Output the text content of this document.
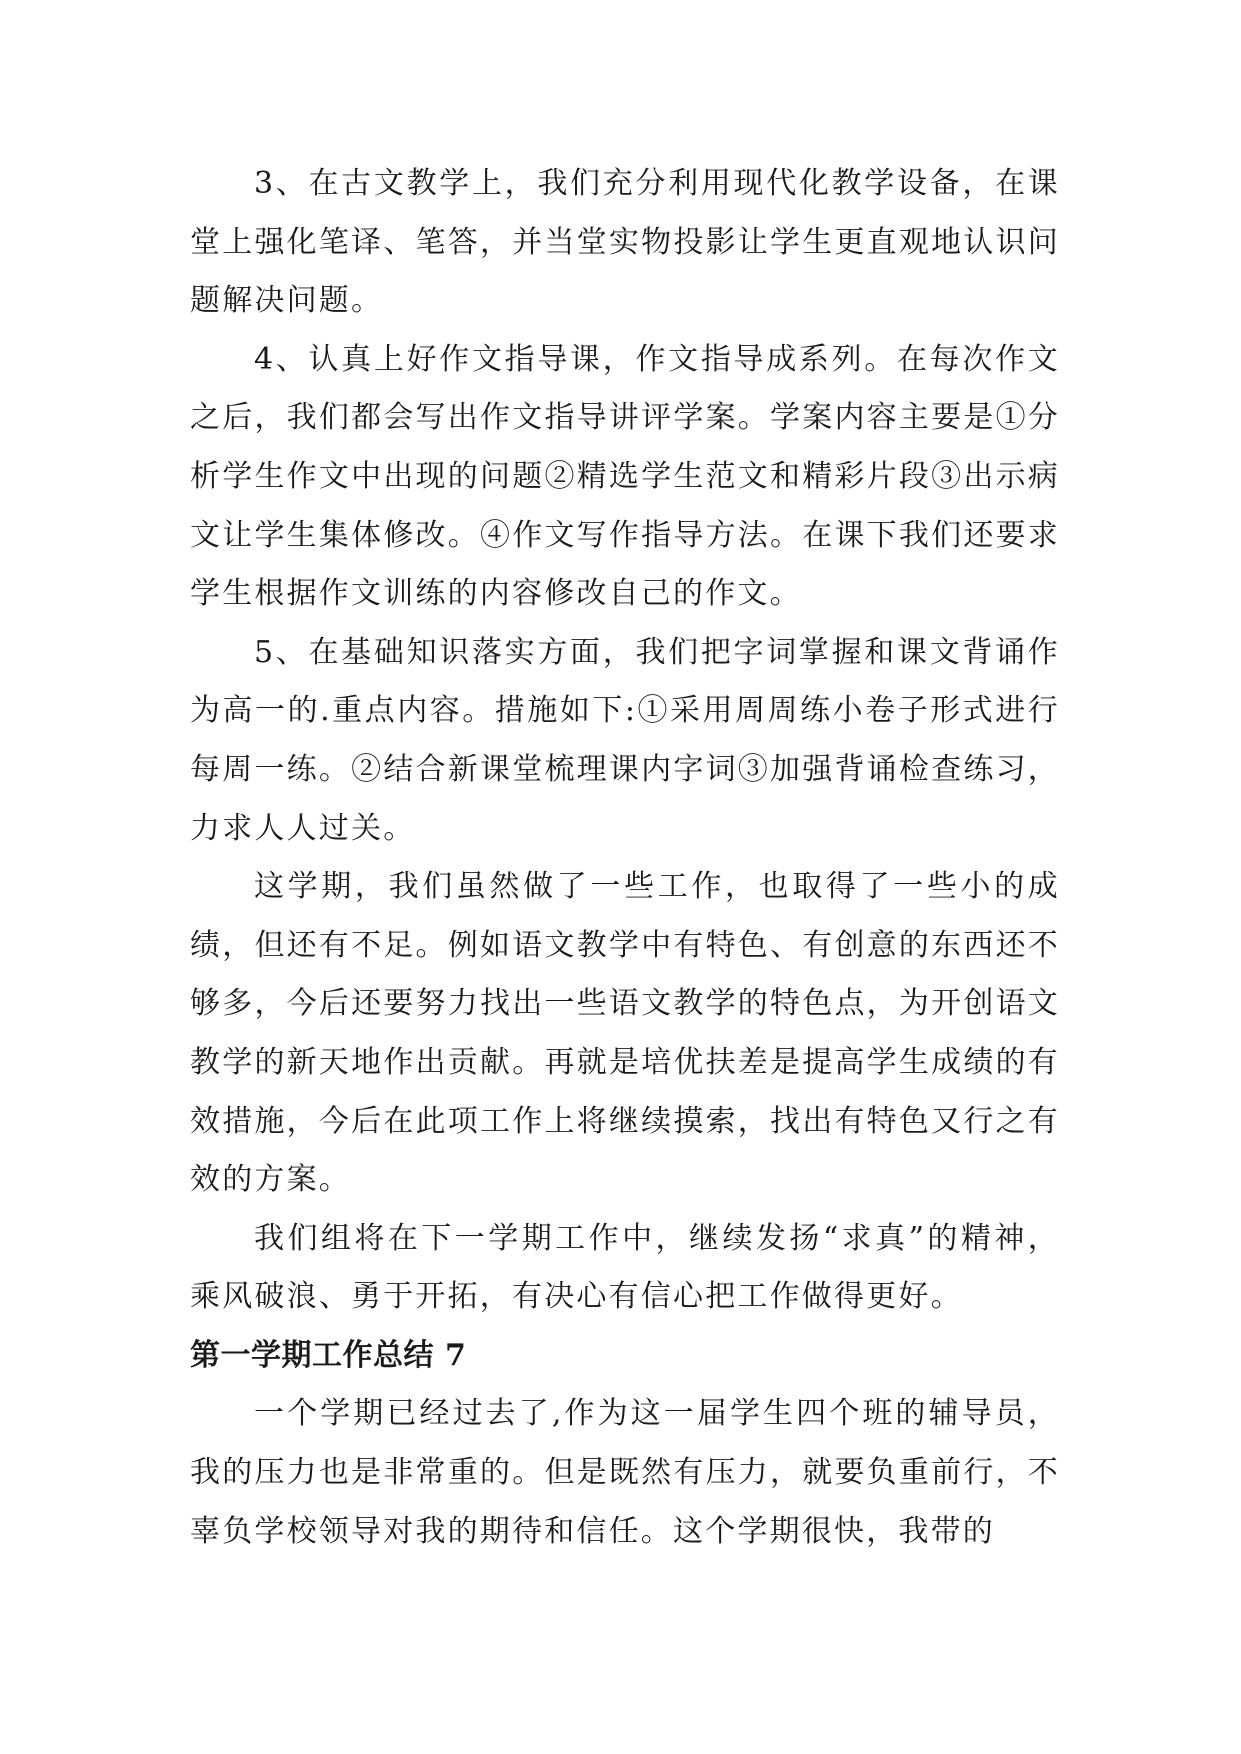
3、在古文教学上，我们充分利用现代化教学设备，在课堂上强化笔译、笔答，并当堂实物投影让学生更直观地认识问题解决问题。

4、认真上好作文指导课，作文指导成系列。在每次作文之后，我们都会写出作文指导讲评学案。学案内容主要是①分析学生作文中出现的问题②精选学生范文和精彩片段③出示病文让学生集体修改。④作文写作指导方法。在课下我们还要求学生根据作文训练的内容修改自己的作文。

5、在基础知识落实方面，我们把字词掌握和课文背诵作为高一的.重点内容。措施如下:①采用周周练小卷子形式进行每周一练。②结合新课堂梳理课内字词③加强背诵检查练习，力求人人过关。

这学期，我们虽然做了一些工作，也取得了一些小的成绩，但还有不足。例如语文教学中有特色、有创意的东西还不够多，今后还要努力找出一些语文教学的特色点，为开创语文教学的新天地作出贡献。再就是培优扶差是提高学生成绩的有效措施，今后在此项工作上将继续摸索，找出有特色又行之有效的方案。

我们组将在下一学期工作中，继续发扬“求真”的精神，乘风破浪、勇于开拓，有决心有信心把工作做得更好。

第一学期工作总结 7

一个学期已经过去了,作为这一届学生四个班的辅导员，我的压力也是非常重的。但是既然有压力，就要负重前行，不辜负学校领导对我的期待和信任。这个学期很快，我带的
